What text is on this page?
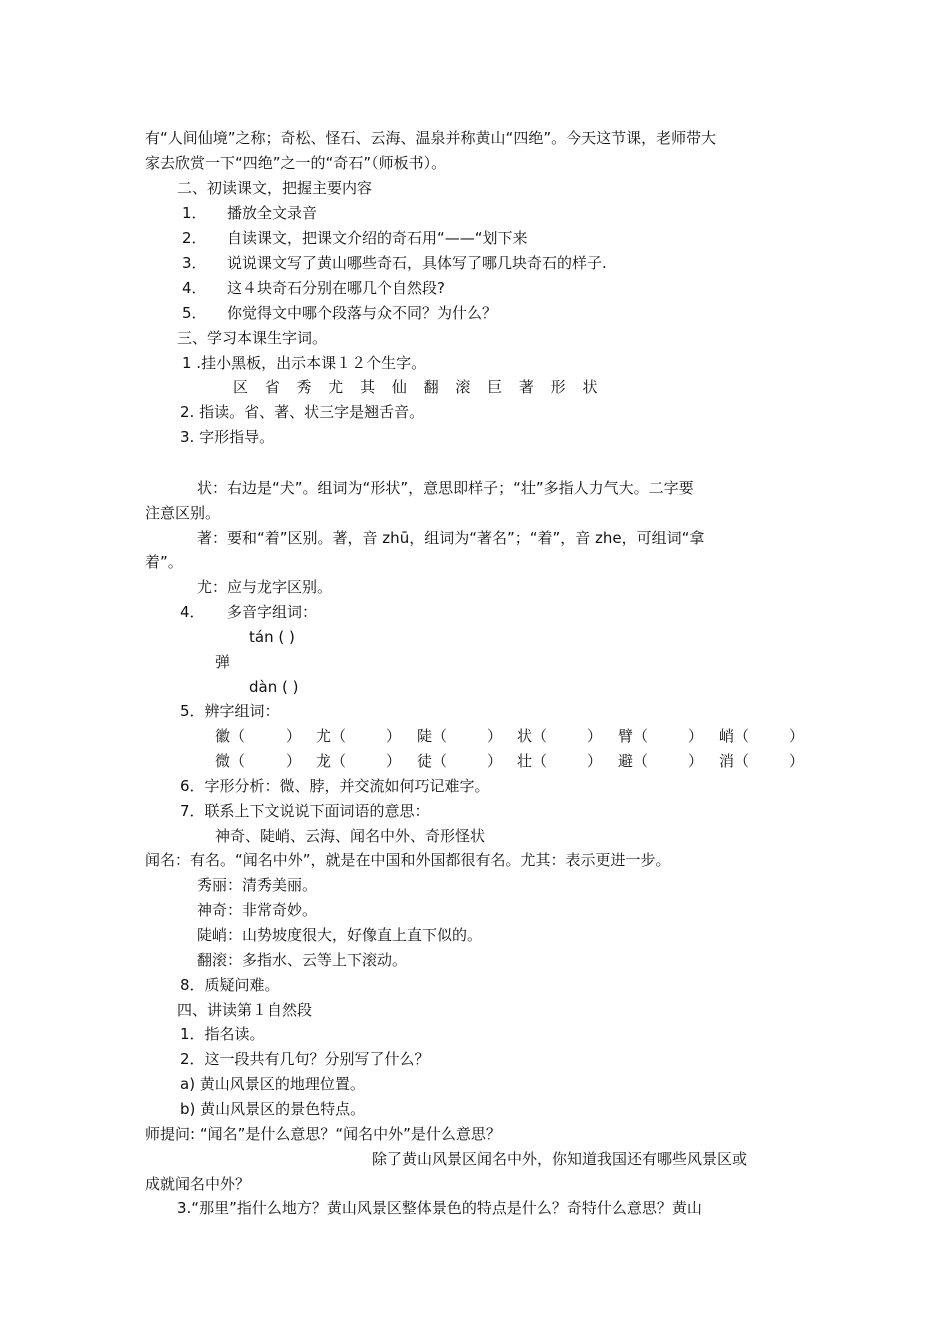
有“人间仙境”之称；奇松、怪石、云海、温泉并称黄山“四绝”。今天这节课，老师带大
家去欣赏一下“四绝”之一的“奇石”（师板书）。
二、初读课文，把握主要内容
1． 播放全文录音
2． 自读课文，把课文介绍的奇石用“——“划下来
3． 说说课文写了黄山哪些奇石，具体写了哪几块奇石的样子.
4． 这４块奇石分别在哪几个自然段?
5． 你觉得文中哪个段落与众不同？为什么？
三、学习本课生字词。
1 .挂小黑板，出示本课１２个生字。
区 省 秀 尤 其 仙 翻 滚 巨 著 形 状
2. 指读。省、著、状三字是翘舌音。
3. 字形指导。
状：右边是“犬”。组词为“形状”，意思即样子；“壮”多指人力气大。二字要
注意区别。
著：要和“着”区别。著，音 zhū，组词为“著名”；“着”，音 zhe，可组词“拿
着”。
尤：应与龙字区别。
4． 多音字组词：
tán ( )
弹
dàn ( )
5．辨字组词：
徽（	） 尤（	） 陡（	） 状（	） 臂（	） 峭（	）
微（	） 龙（	） 徒（	） 壮（	） 避（	） 消（	）
6．字形分析：微、脖，并交流如何巧记难字。
7．联系上下文说说下面词语的意思：
神奇、陡峭、云海、闻名中外、奇形怪状
闻名：有名。“闻名中外”，就是在中国和外国都很有名。尤其：表示更进一步。
秀丽：清秀美丽。
神奇：非常奇妙。
陡峭：山势坡度很大，好像直上直下似的。
翻滚：多指水、云等上下滚动。
8．质疑问难。
四、讲读第１自然段
1．指名读。
2．这一段共有几句？分别写了什么？
a) 黄山风景区的地理位置。
b) 黄山风景区的景色特点。
师提问: “闻名”是什么意思？“闻名中外”是什么意思？
除了黄山风景区闻名中外，你知道我国还有哪些风景区或
成就闻名中外？
3.“那里”指什么地方？黄山风景区整体景色的特点是什么？奇特什么意思？黄山
